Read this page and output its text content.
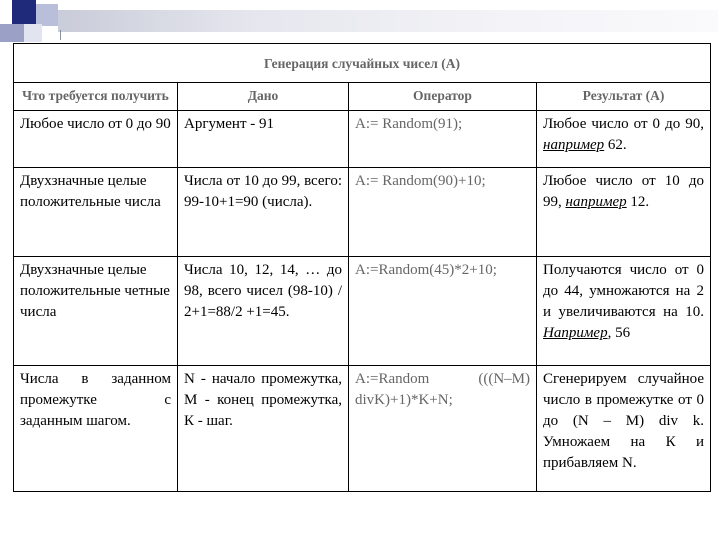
Генерация случайных чисел (А)			
Что требуется получить	Дано	Оператор	Результат (А)
Любое число от 0 до 90	Аргумент - 91	A:= Random(91);	Любое число от 0 до 90, например 62.
Двухзначные целые положительные числа	Числа от 10 до 99, всего: 99-10+1=90 (числа).	A:= Random(90)+10;	Любое число от 10 до 99, например 12.
Двухзначные целые положительные четные числа	Числа 10, 12, 14, … до 98, всего чисел (98-10) / 2+1=88/2 +1=45.	A:=Random(45)*2+10;	Получаются число от 0 до 44, умножаются на 2 и увеличиваются на 10. Например, 56
Числа в заданном промежутке с заданным шагом.	N - начало промежутка, М - конец промежутка, К - шаг.	A:=Random (((N–M) divK)+1)*K+N;	Сгенерируем случайное число в промежутке от 0 до (N – M) div k. Умножаем на К и прибавляем N.
